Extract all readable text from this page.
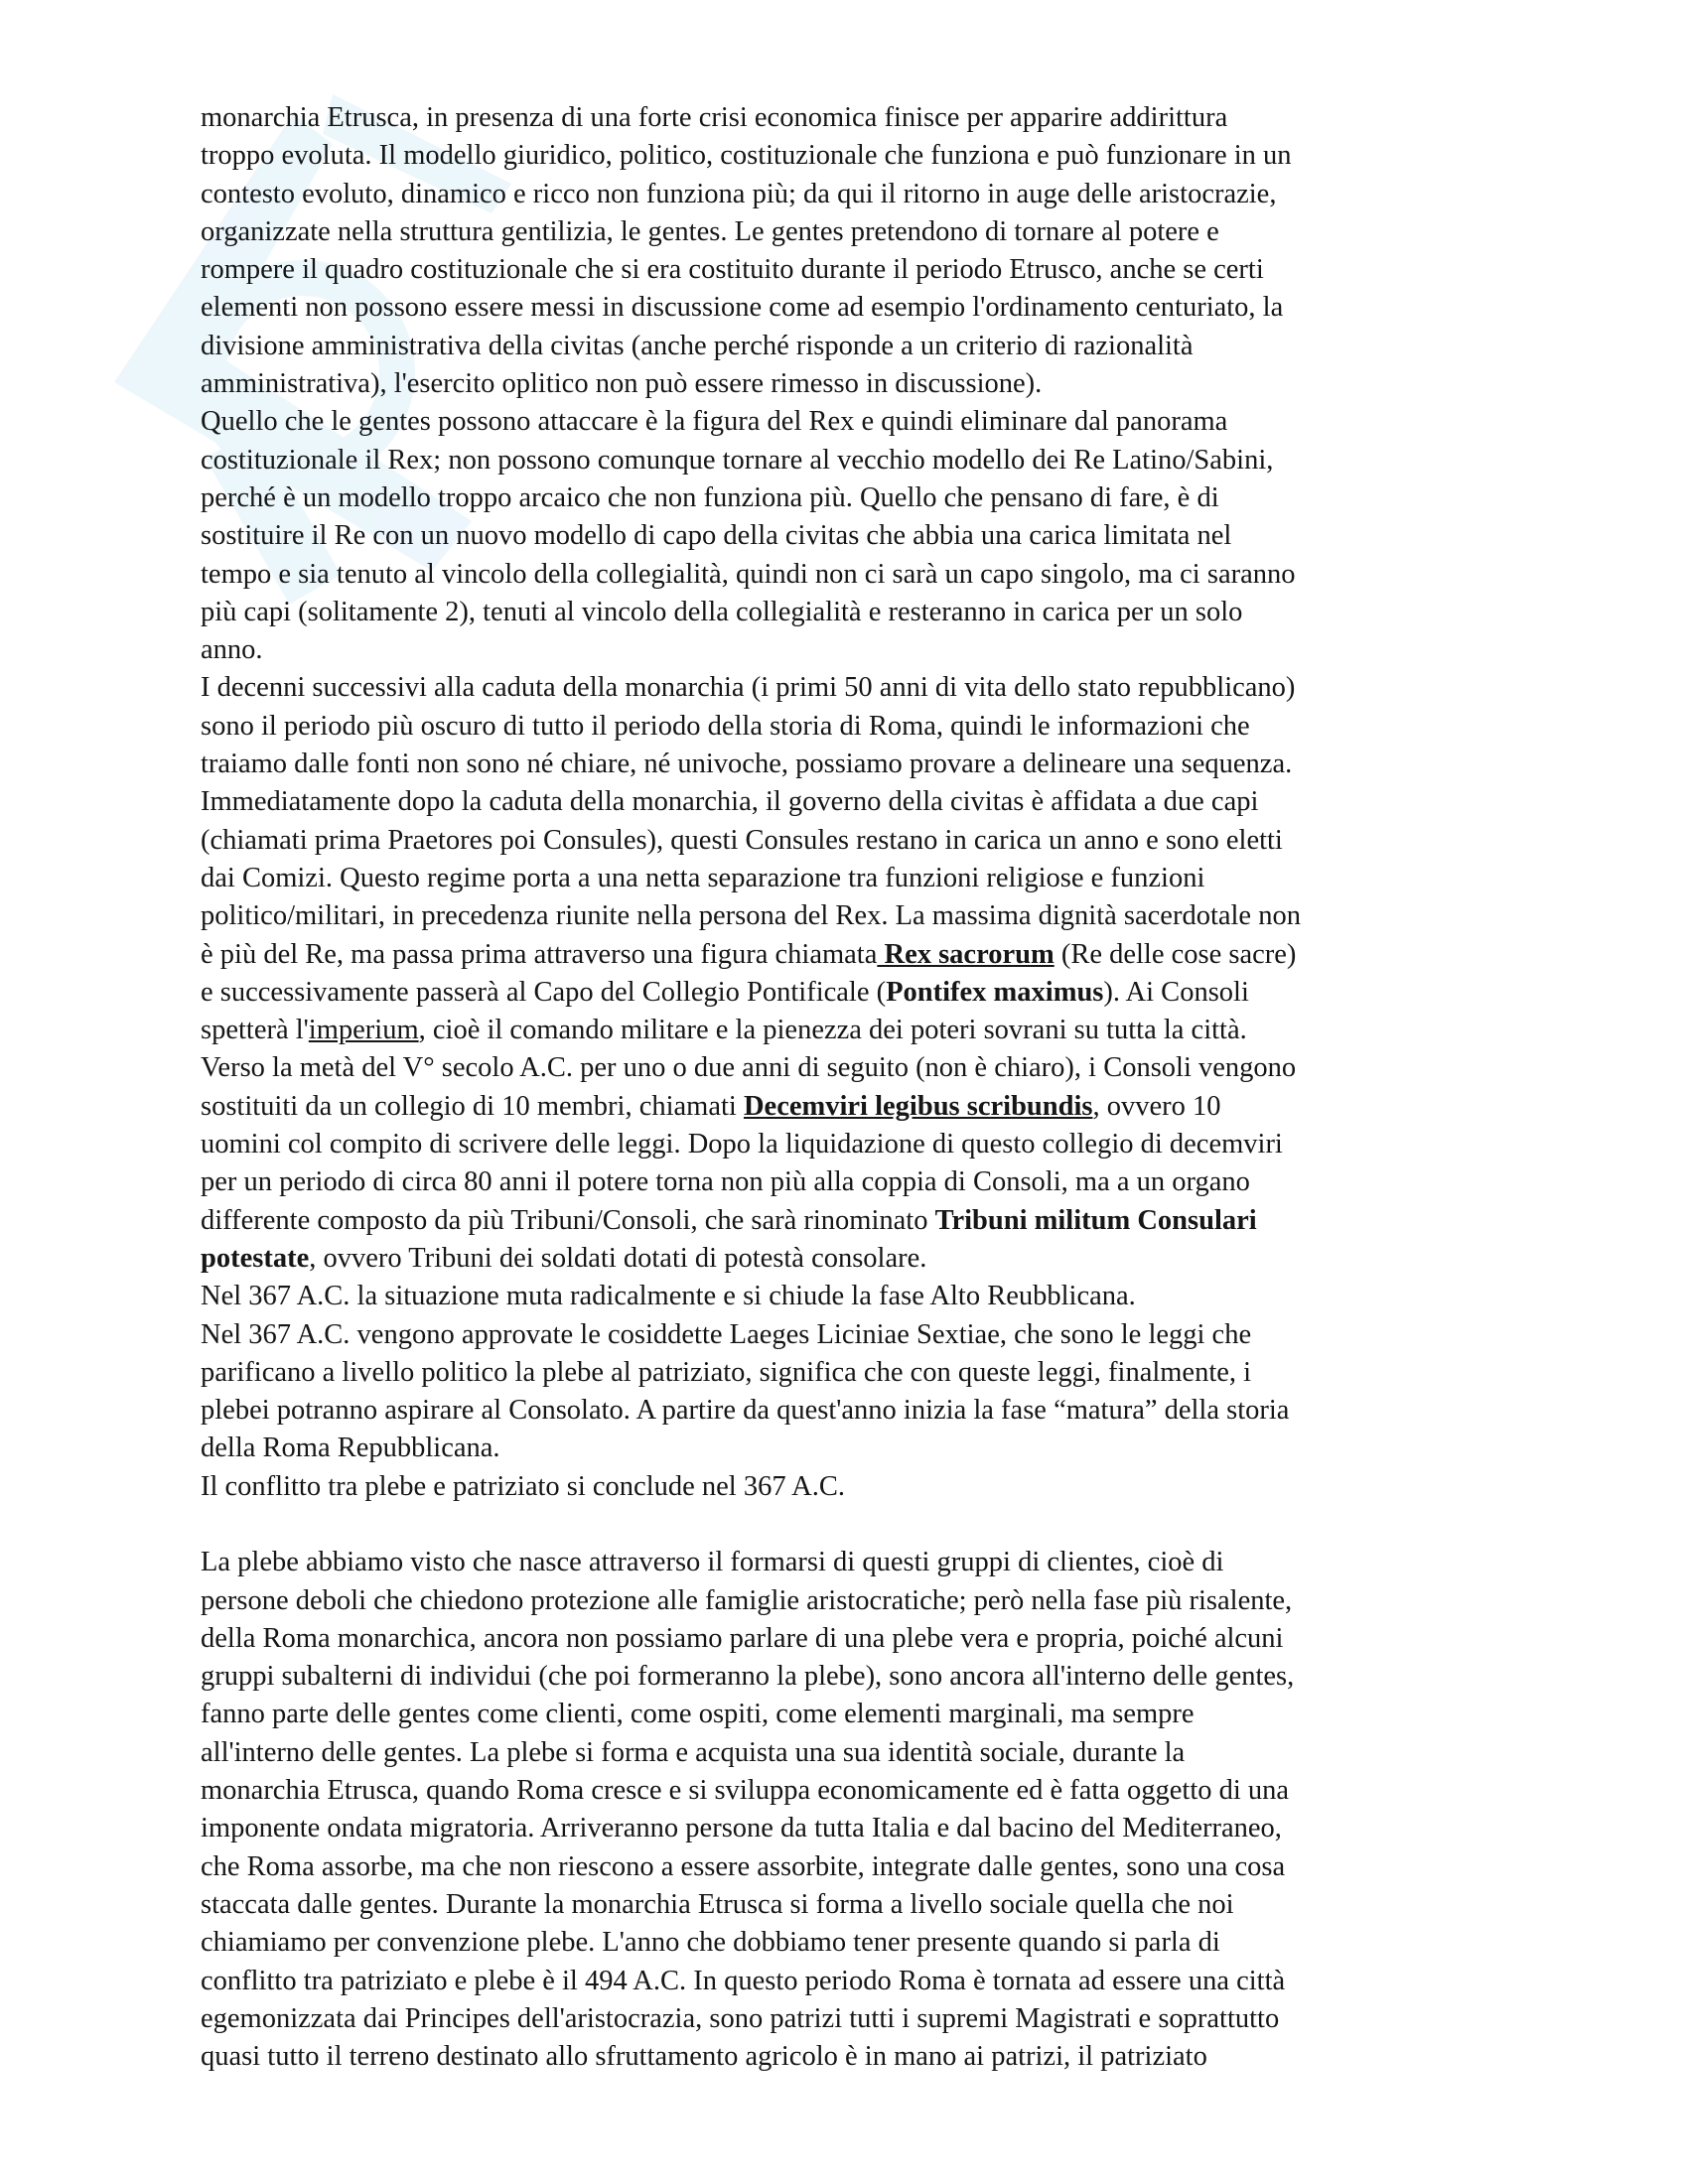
monarchia Etrusca, in presenza di una forte crisi economica finisce per apparire addirittura

troppo evoluta. Il modello giuridico, politico, costituzionale che funziona e può funzionare in un

contesto evoluto, dinamico e ricco non funziona più; da qui il ritorno in auge delle aristocrazie,

organizzate nella struttura gentilizia, le gentes. Le gentes pretendono di tornare al potere e

rompere il quadro costituzionale che si era costituito durante il periodo Etrusco, anche se certi

elementi non possono essere messi in discussione come ad esempio l'ordinamento centuriato, la

divisione amministrativa della civitas (anche perché risponde a un criterio di razionalità

amministrativa), l'esercito oplitico non può essere rimesso in discussione).

Quello che le gentes possono attaccare è la figura del Rex e quindi eliminare dal panorama

costituzionale il Rex; non possono comunque tornare al vecchio modello dei Re Latino/Sabini,

perché è un modello troppo arcaico che non funziona più. Quello che pensano di fare, è di

sostituire il Re con un nuovo modello di capo della civitas che abbia una carica limitata nel

tempo e sia tenuto al vincolo della collegialità, quindi non ci sarà un capo singolo, ma ci saranno

più capi (solitamente 2), tenuti al vincolo della collegialità e resteranno in carica per un solo

anno.

I decenni successivi alla caduta della monarchia (i primi 50 anni di vita dello stato repubblicano)

sono il periodo più oscuro di tutto il periodo della storia di Roma, quindi le informazioni che

traiamo dalle fonti non sono né chiare, né univoche, possiamo provare a delineare una sequenza.

Immediatamente dopo la caduta della monarchia, il governo della civitas è affidata a due capi

(chiamati prima Praetores poi Consules), questi Consules restano in carica un anno e sono eletti

dai Comizi. Questo regime porta a una netta separazione tra funzioni religiose e funzioni

politico/militari, in precedenza riunite nella persona del Rex. La massima dignità sacerdotale non

è più del Re, ma passa prima attraverso una figura chiamata Rex sacrorum (Re delle cose sacre)

e successivamente passerà al Capo del Collegio Pontificale (Pontifex maximus). Ai Consoli

spetterà l'imperium, cioè il comando militare e la pienezza dei poteri sovrani su tutta la città.

Verso la metà del V° secolo A.C. per uno o due anni di seguito (non è chiaro), i Consoli vengono

sostituiti da un collegio di 10 membri, chiamati Decemviri legibus scribundis, ovvero 10

uomini col compito di scrivere delle leggi. Dopo la liquidazione di questo collegio di decemviri

per un periodo di circa 80 anni il potere torna non più alla coppia di Consoli, ma a un organo

differente composto da più Tribuni/Consoli, che sarà rinominato Tribuni militum Consulari

potestate, ovvero Tribuni dei soldati dotati di potestà consolare.

Nel 367 A.C. la situazione muta radicalmente e si chiude la fase Alto Reubblicana.

Nel 367 A.C. vengono approvate le cosiddette Laeges Liciniae Sextiae, che sono le leggi che

parificano a livello politico la plebe al patriziato, significa che con queste leggi, finalmente, i

plebei potranno aspirare al Consolato. A partire da quest'anno inizia la fase “matura” della storia

della Roma Repubblicana.

Il conflitto tra plebe e patriziato si conclude nel 367 A.C.

La plebe abbiamo visto che nasce attraverso il formarsi di questi gruppi di clientes, cioè di

persone deboli che chiedono protezione alle famiglie aristocratiche; però nella fase più risalente,

della Roma monarchica, ancora non possiamo parlare di una plebe vera e propria, poiché alcuni

gruppi subalterni di individui (che poi formeranno la plebe), sono ancora all'interno delle gentes,

fanno parte delle gentes come clienti, come ospiti, come elementi marginali, ma sempre

all'interno delle gentes. La plebe si forma e acquista una sua identità sociale, durante la

monarchia Etrusca, quando Roma cresce e si sviluppa economicamente ed è fatta oggetto di una

imponente ondata migratoria. Arriveranno persone da tutta Italia e dal bacino del Mediterraneo,

che Roma assorbe, ma che non riescono a essere assorbite, integrate dalle gentes, sono una cosa

staccata dalle gentes. Durante la monarchia Etrusca si forma a livello sociale quella che noi

chiamiamo per convenzione plebe. L'anno che dobbiamo tener presente quando si parla di

conflitto tra patriziato e plebe è il 494 A.C. In questo periodo Roma è tornata ad essere una città

egemonizzata dai Principes dell'aristocrazia, sono patrizi tutti i supremi Magistrati e soprattutto

quasi tutto il terreno destinato allo sfruttamento agricolo è in mano ai patrizi, il patriziato
